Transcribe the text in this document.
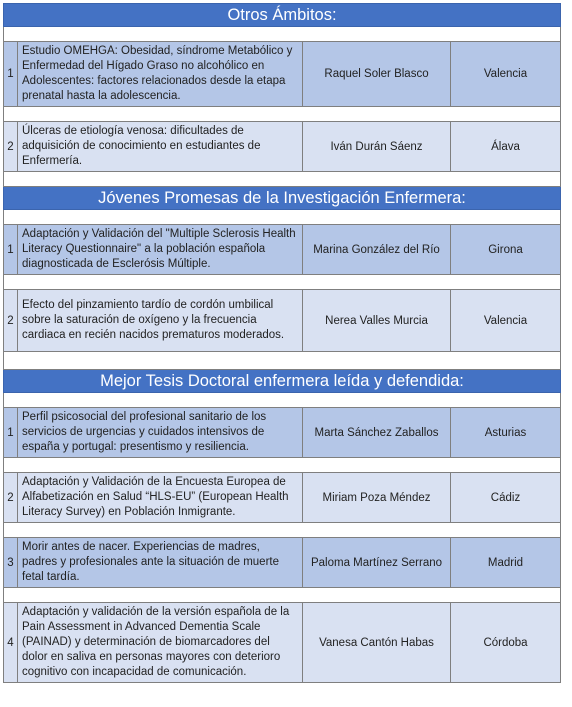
Otros Ámbitos:			

1	Estudio OMEHGA: Obesidad, síndrome Metabólico y Enfermedad del Hígado Graso no alcohólico en Adolescentes: factores relacionados desde la etapa prenatal hasta la adolescencia.	Raquel Soler Blasco	Valencia

2	Úlceras de etiología venosa: dificultades de adquisición de conocimiento en estudiantes de Enfermería.	Iván Durán Sáenz	Álava

Jóvenes Promesas de la Investigación Enfermera:			

1	Adaptación y Validación del "Multiple Sclerosis Health Literacy Questionnaire" a la población española diagnosticada de Esclerósis Múltiple.	Marina González del Río	Girona

2	Efecto del pinzamiento tardío de cordón umbilical sobre la saturación de oxígeno y la frecuencia cardiaca en recién nacidos prematuros moderados.	Nerea Valles Murcia	Valencia

Mejor Tesis Doctoral enfermera leída y defendida:			

1	Perfil psicosocial del profesional sanitario de los servicios de urgencias y cuidados intensivos de españa y portugal: presentismo y resiliencia.	Marta Sánchez Zaballos	Asturias

2	Adaptación y Validación de la Encuesta Europea de Alfabetización en Salud “HLS-EU” (European Health Literacy Survey) en Población Inmigrante.	Miriam Poza Méndez	Cádiz

3	Morir antes de nacer. Experiencias de madres, padres y profesionales ante la situación de muerte fetal tardía.	Paloma Martínez Serrano	Madrid

4	Adaptación y validación de la versión española de la Pain Assessment in Advanced Dementia Scale (PAINAD) y determinación de biomarcadores del dolor en saliva en personas mayores con deterioro cognitivo con incapacidad de comunicación.	Vanesa Cantón Habas	Córdoba
